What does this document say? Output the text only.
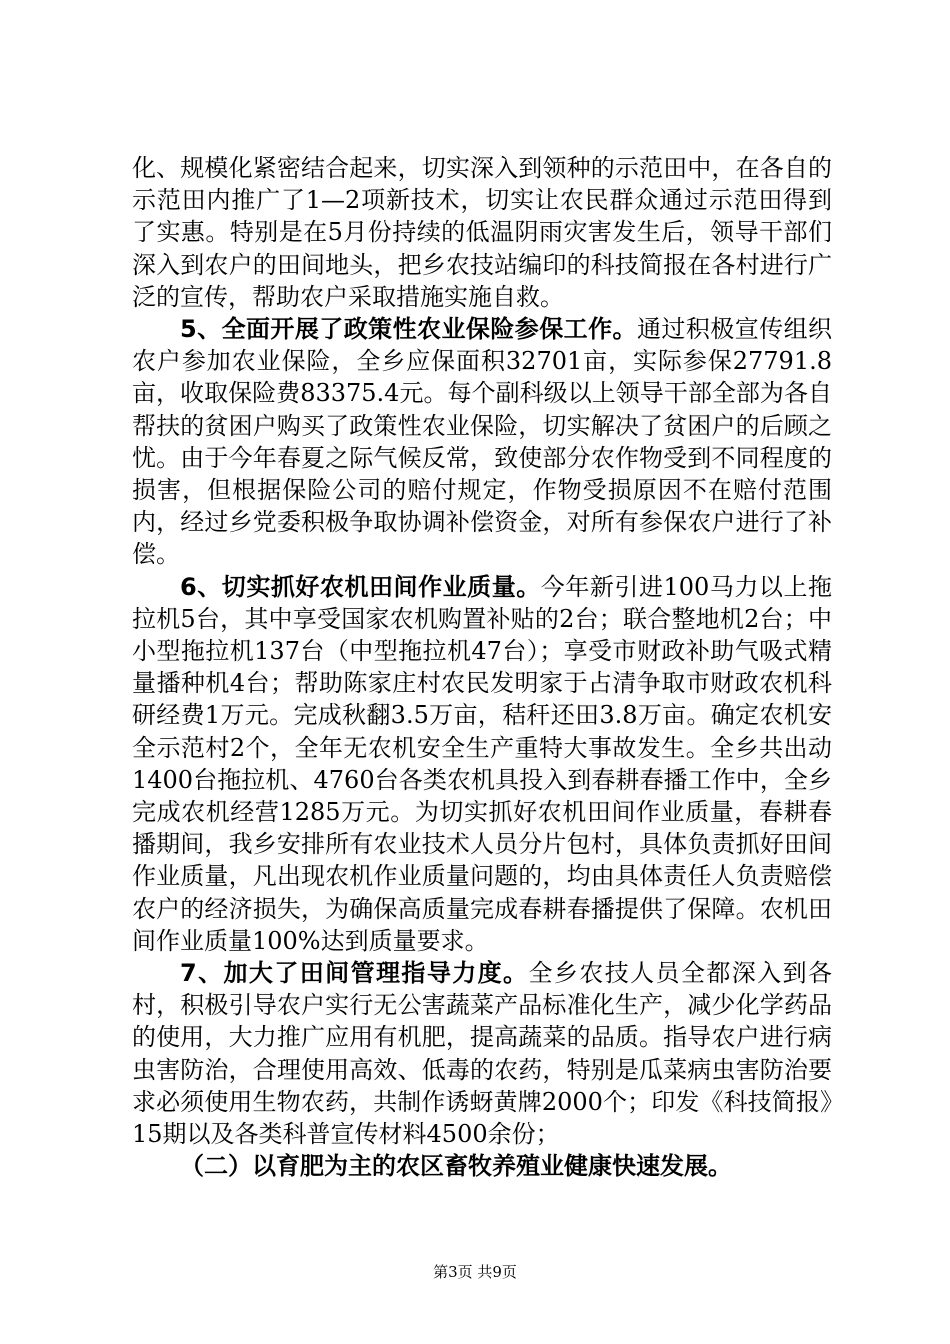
化、规模化紧密结合起来，切实深入到领种的示范田中，在各自的示范田内推广了1—2项新技术，切实让农民群众通过示范田得到了实惠。特别是在5月份持续的低温阴雨灾害发生后，领导干部们深入到农户的田间地头，把乡农技站编印的科技简报在各村进行广泛的宣传，帮助农户采取措施实施自救。

5、全面开展了政策性农业保险参保工作。通过积极宣传组织农户参加农业保险，全乡应保面积32701亩，实际参保27791.8亩，收取保险费83375.4元。每个副科级以上领导干部全部为各自帮扶的贫困户购买了政策性农业保险，切实解决了贫困户的后顾之忧。由于今年春夏之际气候反常，致使部分农作物受到不同程度的损害，但根据保险公司的赔付规定，作物受损原因不在赔付范围内，经过乡党委积极争取协调补偿资金，对所有参保农户进行了补偿。

6、切实抓好农机田间作业质量。今年新引进100马力以上拖拉机5台，其中享受国家农机购置补贴的2台；联合整地机2台；中小型拖拉机137台（中型拖拉机47台）；享受市财政补助气吸式精量播种机4台；帮助陈家庄村农民发明家于占清争取市财政农机科研经费1万元。完成秋翻3.5万亩，秸秆还田3.8万亩。确定农机安全示范村2个，全年无农机安全生产重特大事故发生。全乡共出动1400台拖拉机、4760台各类农机具投入到春耕春播工作中，全乡完成农机经营1285万元。为切实抓好农机田间作业质量，春耕春播期间，我乡安排所有农业技术人员分片包村，具体负责抓好田间作业质量，凡出现农机作业质量问题的，均由具体责任人负责赔偿农户的经济损失，为确保高质量完成春耕春播提供了保障。农机田间作业质量100%达到质量要求。

7、加大了田间管理指导力度。全乡农技人员全都深入到各村，积极引导农户实行无公害蔬菜产品标准化生产，减少化学药品的使用，大力推广应用有机肥，提高蔬菜的品质。指导农户进行病虫害防治，合理使用高效、低毒的农药，特别是瓜菜病虫害防治要求必须使用生物农药，共制作诱蚜黄牌2000个；印发《科技简报》15期以及各类科普宣传材料4500余份；

（二）以育肥为主的农区畜牧养殖业健康快速发展。

第3页 共9页
